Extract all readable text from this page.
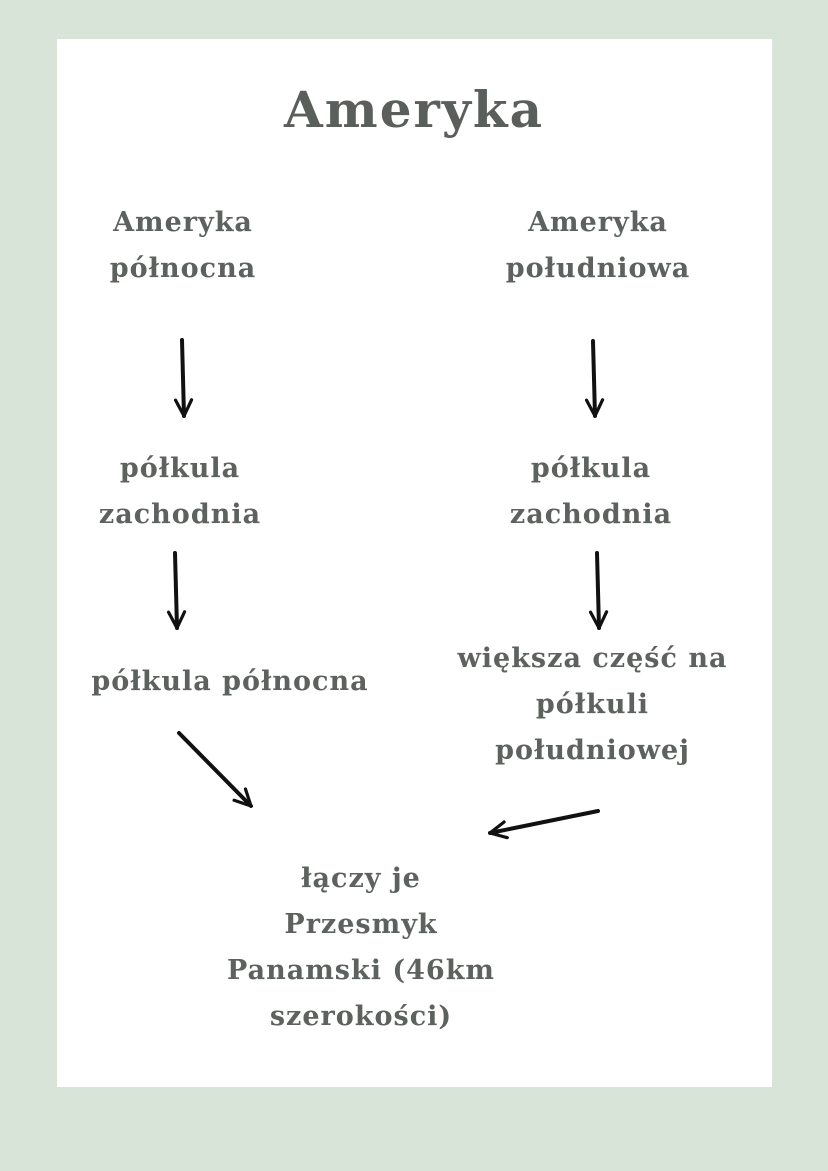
Ameryka
Ameryka
północna
półkula
zachodnia
półkula północna
Ameryka
południowa
półkula
zachodnia
większa część na
półkuli
południowej
łączy je
Przesmyk
Panamski (46km
szerokości)
